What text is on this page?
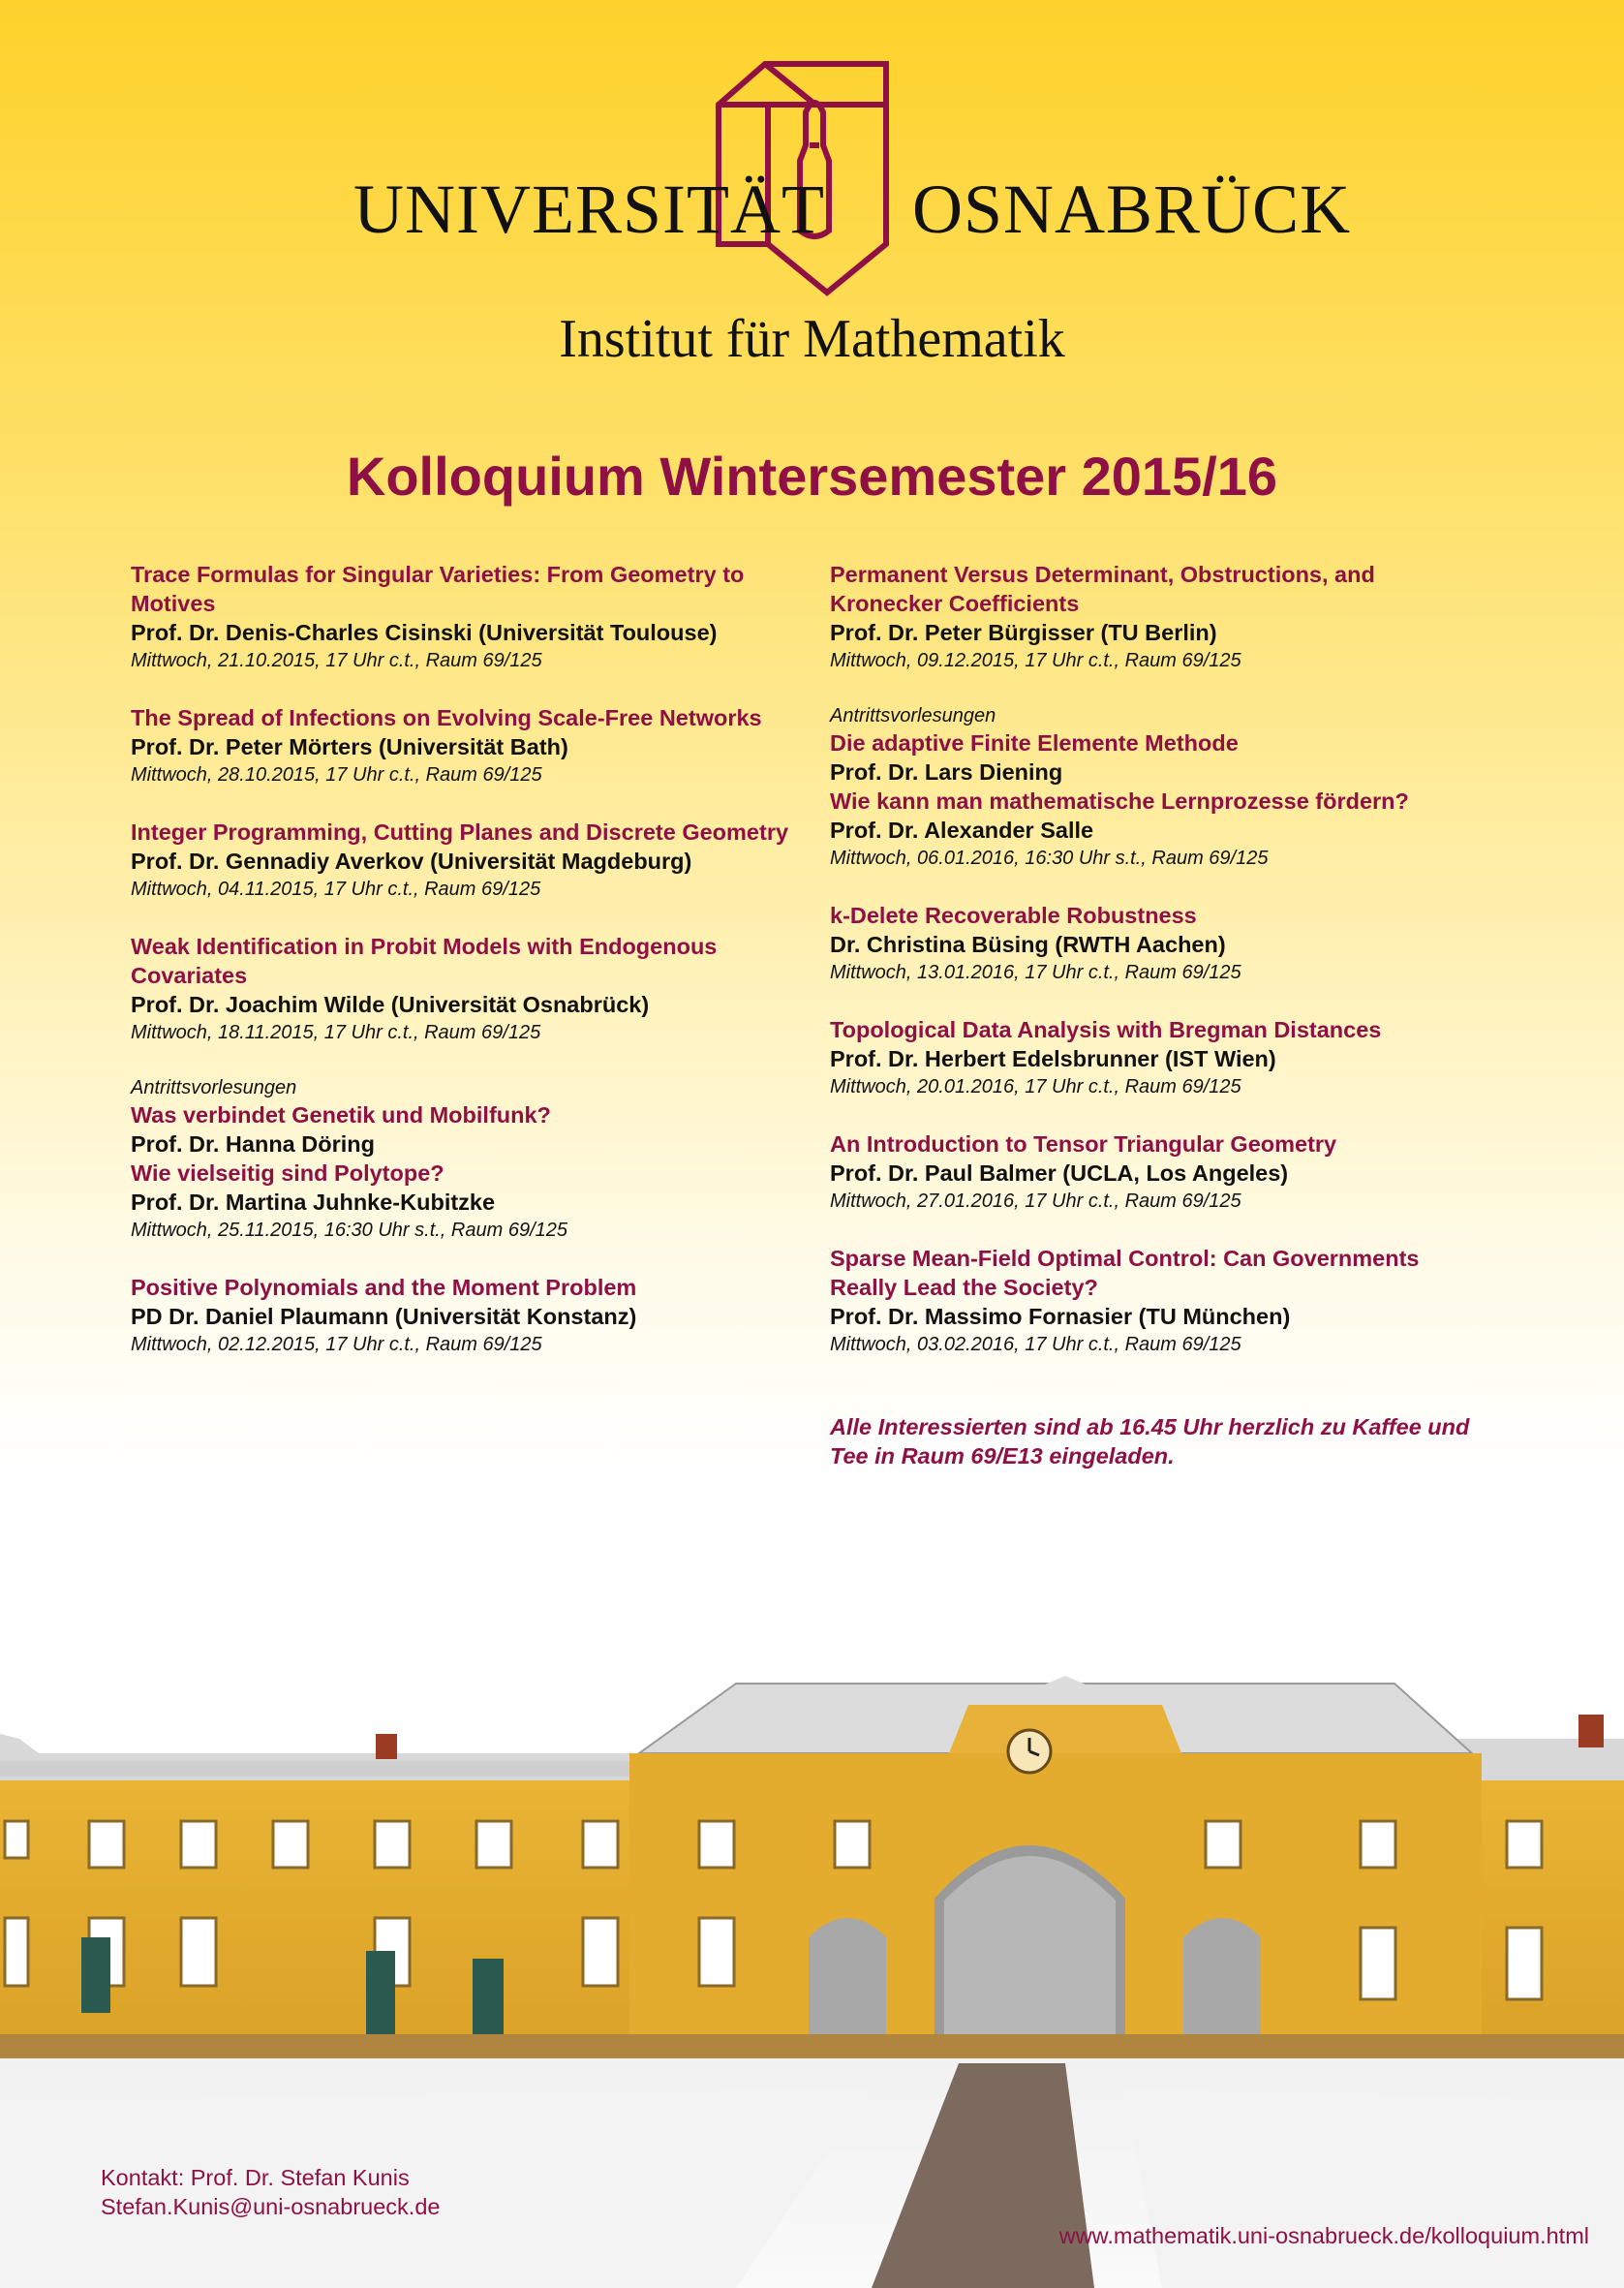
UNIVERSITÄT OSNABRÜCK
Institut für Mathematik
Kolloquium Wintersemester 2015/16

Trace Formulas for Singular Varieties: From Geometry to Motives

Prof. Dr. Denis-Charles Cisinski (Universität Toulouse)

Mittwoch, 21.10.2015, 17 Uhr c.t., Raum 69/125

The Spread of Infections on Evolving Scale-Free Networks

Prof. Dr. Peter Mörters (Universität Bath)

Mittwoch, 28.10.2015, 17 Uhr c.t., Raum 69/125

Integer Programming, Cutting Planes and Discrete Geometry

Prof. Dr. Gennadiy Averkov (Universität Magdeburg)

Mittwoch, 04.11.2015, 17 Uhr c.t., Raum 69/125

Weak Identification in Probit Models with Endogenous Covariates

Prof. Dr. Joachim Wilde (Universität Osnabrück)

Mittwoch, 18.11.2015, 17 Uhr c.t., Raum 69/125

Antrittsvorlesungen

Was verbindet Genetik und Mobilfunk?

Prof. Dr. Hanna Döring

Wie vielseitig sind Polytope?

Prof. Dr. Martina Juhnke-Kubitzke

Mittwoch, 25.11.2015, 16:30 Uhr s.t., Raum 69/125

Positive Polynomials and the Moment Problem

PD Dr. Daniel Plaumann (Universität Konstanz)

Mittwoch, 02.12.2015, 17 Uhr c.t., Raum 69/125

Permanent Versus Determinant, Obstructions, and Kronecker Coefficients

Prof. Dr. Peter Bürgisser (TU Berlin)

Mittwoch, 09.12.2015, 17 Uhr c.t., Raum 69/125

Antrittsvorlesungen

Die adaptive Finite Elemente Methode

Prof. Dr. Lars Diening

Wie kann man mathematische Lernprozesse fördern?

Prof. Dr. Alexander Salle

Mittwoch, 06.01.2016, 16:30 Uhr s.t., Raum 69/125

k-Delete Recoverable Robustness

Dr. Christina Büsing (RWTH Aachen)

Mittwoch, 13.01.2016, 17 Uhr c.t., Raum 69/125

Topological Data Analysis with Bregman Distances

Prof. Dr. Herbert Edelsbrunner (IST Wien)

Mittwoch, 20.01.2016, 17 Uhr c.t., Raum 69/125

An Introduction to Tensor Triangular Geometry

Prof. Dr. Paul Balmer (UCLA, Los Angeles)

Mittwoch, 27.01.2016, 17 Uhr c.t., Raum 69/125

Sparse Mean-Field Optimal Control: Can Governments Really Lead the Society?

Prof. Dr. Massimo Fornasier (TU München)

Mittwoch, 03.02.2016, 17 Uhr c.t., Raum 69/125

Alle Interessierten sind ab 16.45 Uhr herzlich zu Kaffee und Tee in Raum 69/E13 eingeladen.
Kontakt: Prof. Dr. Stefan Kunis
Stefan.Kunis@uni-osnabrueck.de
www.mathematik.uni-osnabrueck.de/kolloquium.html
